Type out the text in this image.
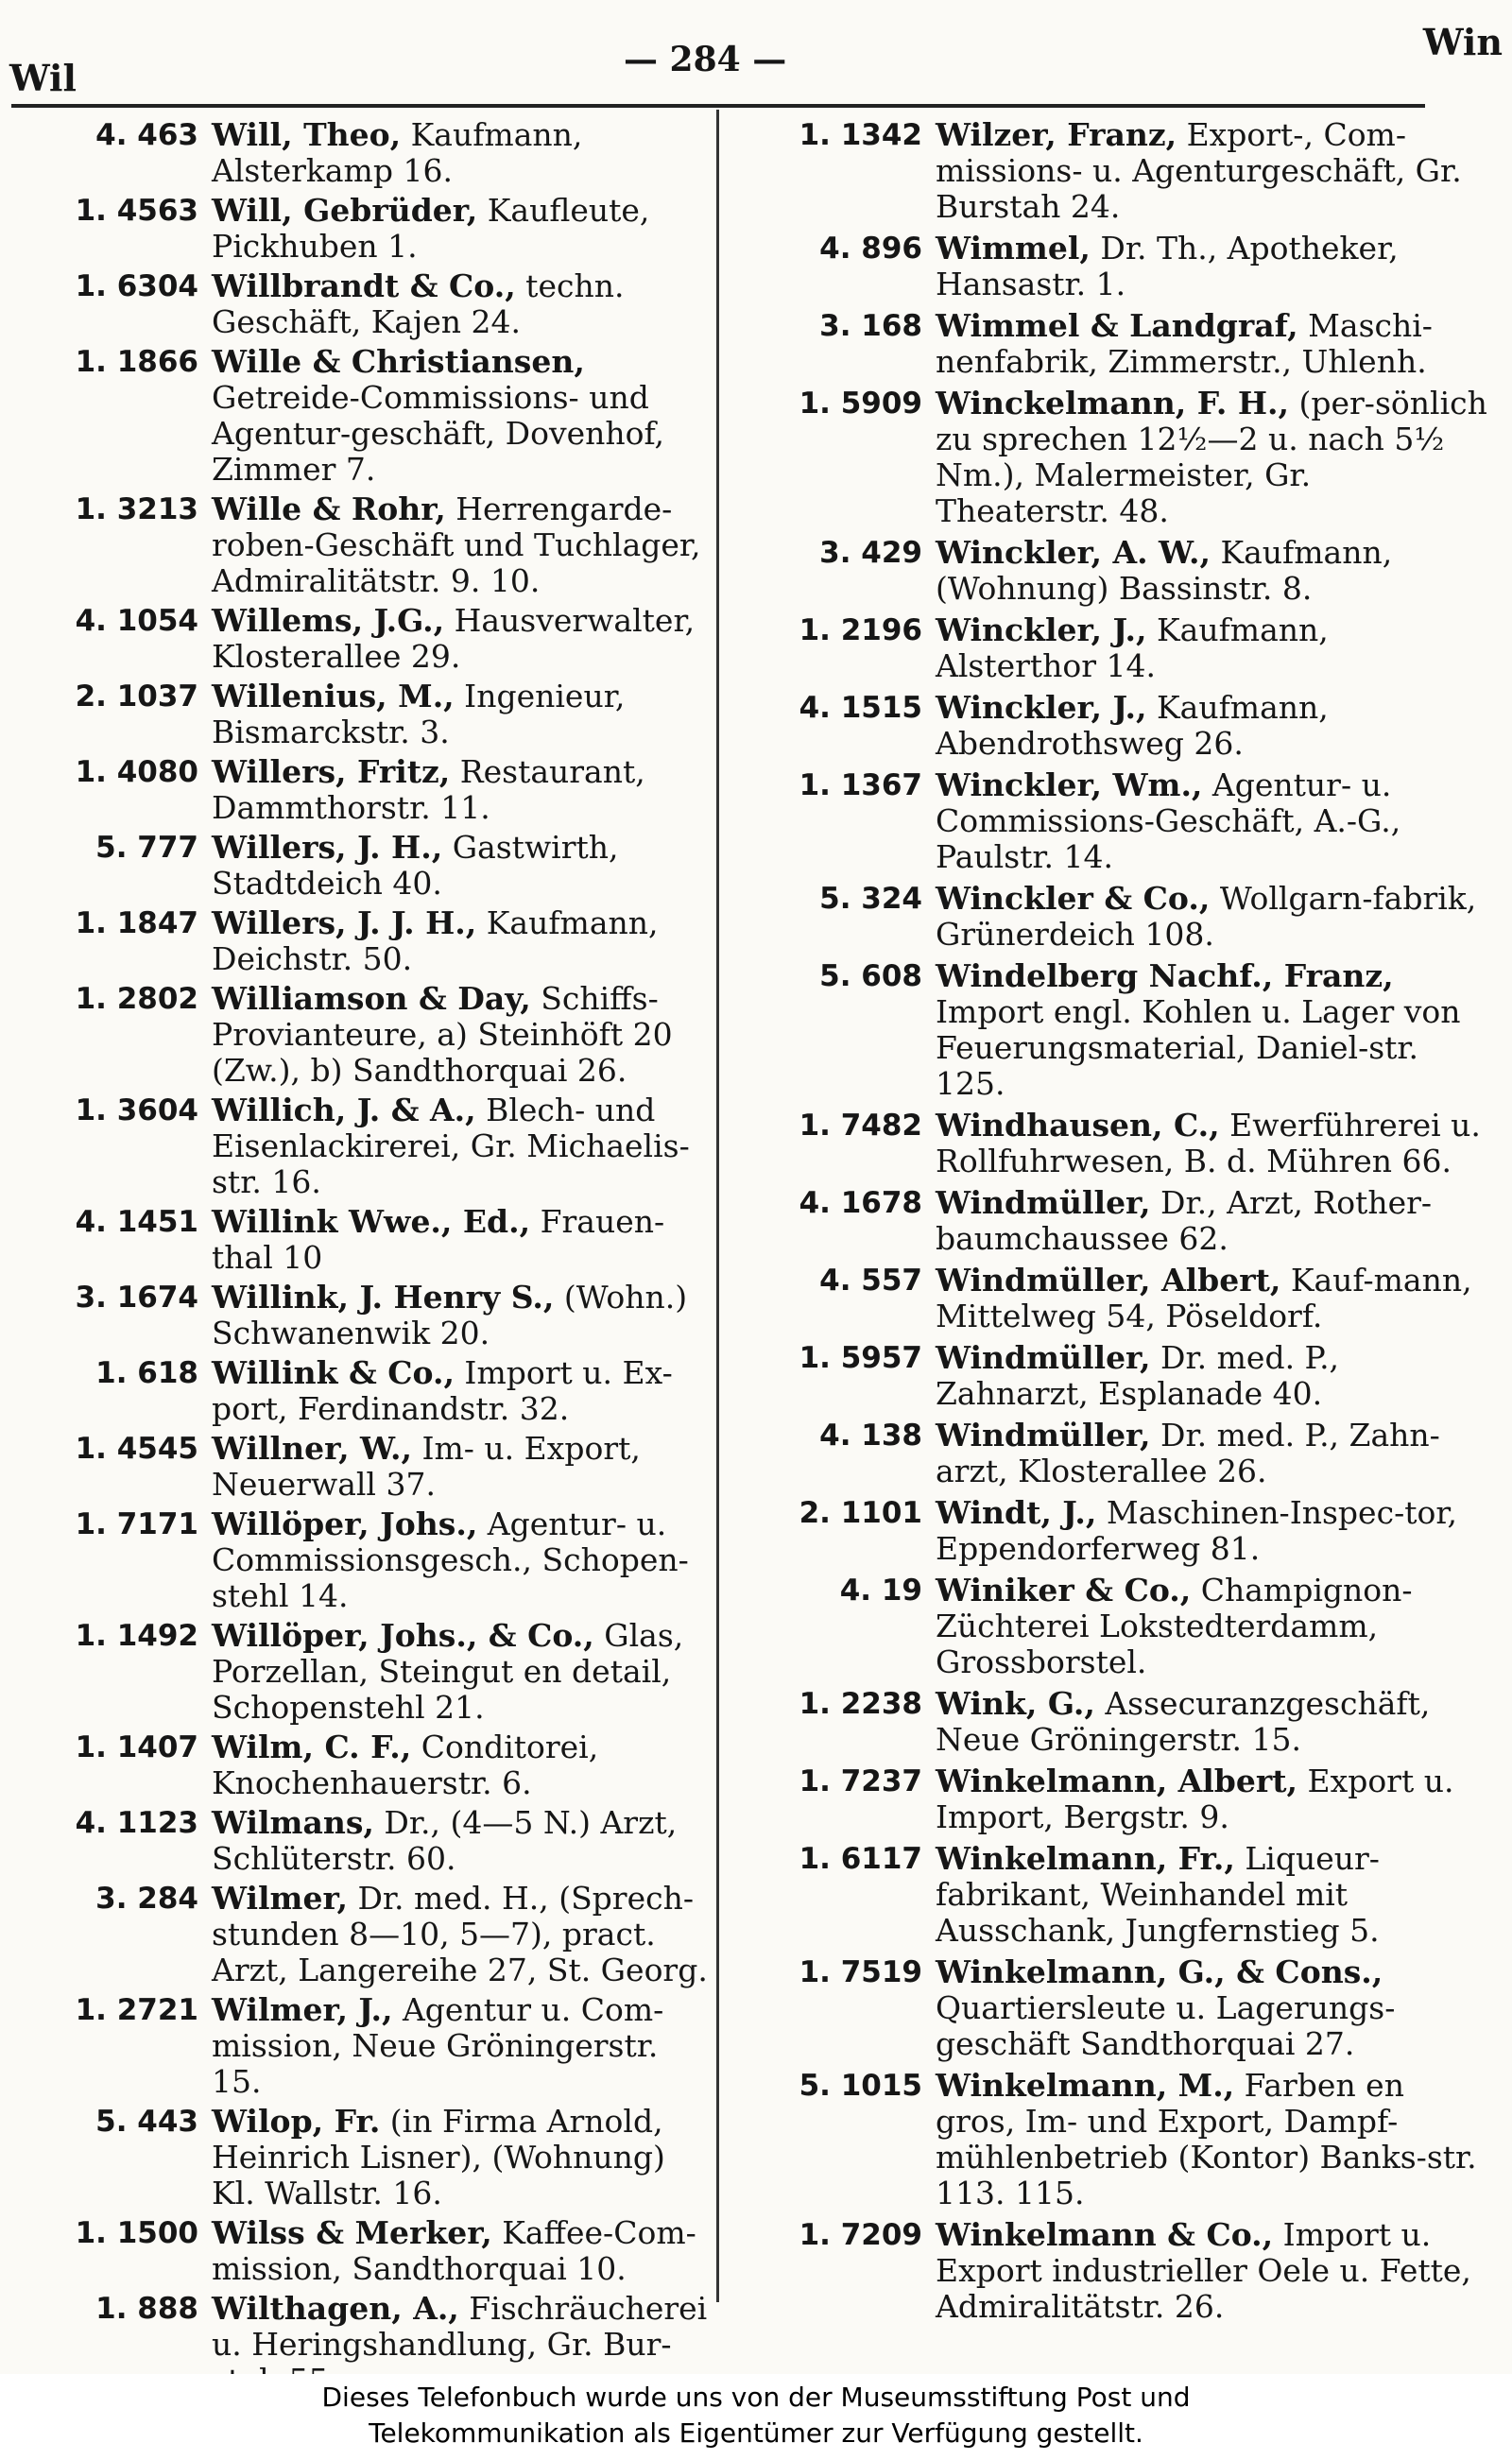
Wil	— 284 —	Win
4. 463 Will, Theo, Kaufmann, Alsterkamp 16.
1. 4563 Will, Gebrüder, Kaufleute, Pickhuben 1.
1. 6304 Willbrandt & Co., techn. Geschäft, Kajen 24.
1. 1866 Wille & Christiansen, Getreide-Commissions- und Agentur-geschäft, Dovenhof, Zimmer 7.
1. 3213 Wille & Rohr, Herrengarde-roben-Geschäft und Tuchlager, Admiralitätstr. 9. 10.
4. 1054 Willems, J.G., Hausverwalter, Klosterallee 29.
2. 1037 Willenius, M., Ingenieur, Bismarckstr. 3.
1. 4080 Willers, Fritz, Restaurant, Dammthorstr. 11.
5. 777 Willers, J. H., Gastwirth, Stadtdeich 40.
1. 1847 Willers, J. J. H., Kaufmann, Deichstr. 50.
1. 2802 Williamson & Day, Schiffs-Provianteure, a) Steinhöft 20 (Zw.), b) Sandthorquai 26.
1. 3604 Willich, J. & A., Blech- und Eisenlackirerei, Gr. Michaelis-str. 16.
4. 1451 Willink Wwe., Ed., Frauen-thal 10
3. 1674 Willink, J. Henry S., (Wohn.) Schwanenwik 20.
1. 618 Willink & Co., Import u. Ex-port, Ferdinandstr. 32.
1. 4545 Willner, W., Im- u. Export, Neuerwall 37.
1. 7171 Willöper, Johs., Agentur- u. Commissionsgesch., Schopen-stehl 14.
1. 1492 Willöper, Johs., & Co., Glas, Porzellan, Steingut en detail, Schopenstehl 21.
1. 1407 Wilm, C. F., Conditorei, Knochenhauerstr. 6.
4. 1123 Wilmans, Dr., (4—5 N.) Arzt, Schlüterstr. 60.
3. 284 Wilmer, Dr. med. H., (Sprech-stunden 8—10, 5—7), pract. Arzt, Langereihe 27, St. Georg.
1. 2721 Wilmer, J., Agentur u. Com-mission, Neue Gröningerstr. 15.
5. 443 Wilop, Fr. (in Firma Arnold, Heinrich Lisner), (Wohnung) Kl. Wallstr. 16.
1. 1500 Wilss & Merker, Kaffee-Com-mission, Sandthorquai 10.
1. 888 Wilthagen, A., Fischräucherei u. Heringshandlung, Gr. Bur-
1. 1342 Wilzer, Franz, Export-, Com-missions- u. Agenturgeschäft, Gr. Burstah 24.
4. 896 Wimmel, Dr. Th., Apotheker, Hansastr. 1.
3. 168 Wimmel & Landgraf, Maschi-nenfabrik, Zimmerstr., Uhlenh.
1. 5909 Winckelmann, F. H., (per-sönlich zu sprechen 12½—2 u. nach 5½ Nm.), Malermeister, Gr. Theaterstr. 48.
3. 429 Winckler, A. W., Kaufmann, (Wohnung) Bassinstr. 8.
1. 2196 Winckler, J., Kaufmann, Alsterthor 14.
4. 1515 Winckler, J., Kaufmann, Abendrothsweg 26.
1. 1367 Winckler, Wm., Agentur- u. Commissions-Geschäft, A.-G., Paulstr. 14.
5. 324 Winckler & Co., Wollgarn-fabrik, Grünerdeich 108.
5. 608 Windelberg Nachf., Franz, Import engl. Kohlen u. Lager von Feuerungsmaterial, Daniel-str. 125.
1. 7482 Windhausen, C., Ewerführerei u. Rollfuhrwesen, B. d. Mühren 66.
4. 1678 Windmüller, Dr., Arzt, Rother-baumchaussee 62.
4. 557 Windmüller, Albert, Kauf-mann, Mittelweg 54, Pöseldorf.
1. 5957 Windmüller, Dr. med. P., Zahnarzt, Esplanade 40.
4. 138 Windmüller, Dr. med. P., Zahn-arzt, Klosterallee 26.
2. 1101 Windt, J., Maschinen-Inspec-tor, Eppendorferweg 81.
4. 19 Winiker & Co., Champignon-Züchterei Lokstedterdamm, Grossborstel.
1. 2238 Wink, G., Assecuranzgeschäft, Neue Gröningerstr. 15.
1. 7237 Winkelmann, Albert, Export u. Import, Bergstr. 9.
1. 6117 Winkelmann, Fr., Liqueur-fabrikant, Weinhandel mit Ausschank, Jungfernstieg 5.
1. 7519 Winkelmann, G., & Cons., Quartiersleute u. Lagerungs-geschäft Sandthorquai 27.
5. 1015 Winkelmann, M., Farben en gros, Im- und Export, Dampf-mühlenbetrieb (Kontor) Banks-str. 113. 115.
1. 7209 Winkelmann & Co., Import u. Export industrieller Oele u. Fette, Admiralitätstr. 26.
Dieses Telefonbuch wurde uns von der Museumsstiftung Post und
Telekommunikation als Eigentümer zur Verfügung gestellt.
